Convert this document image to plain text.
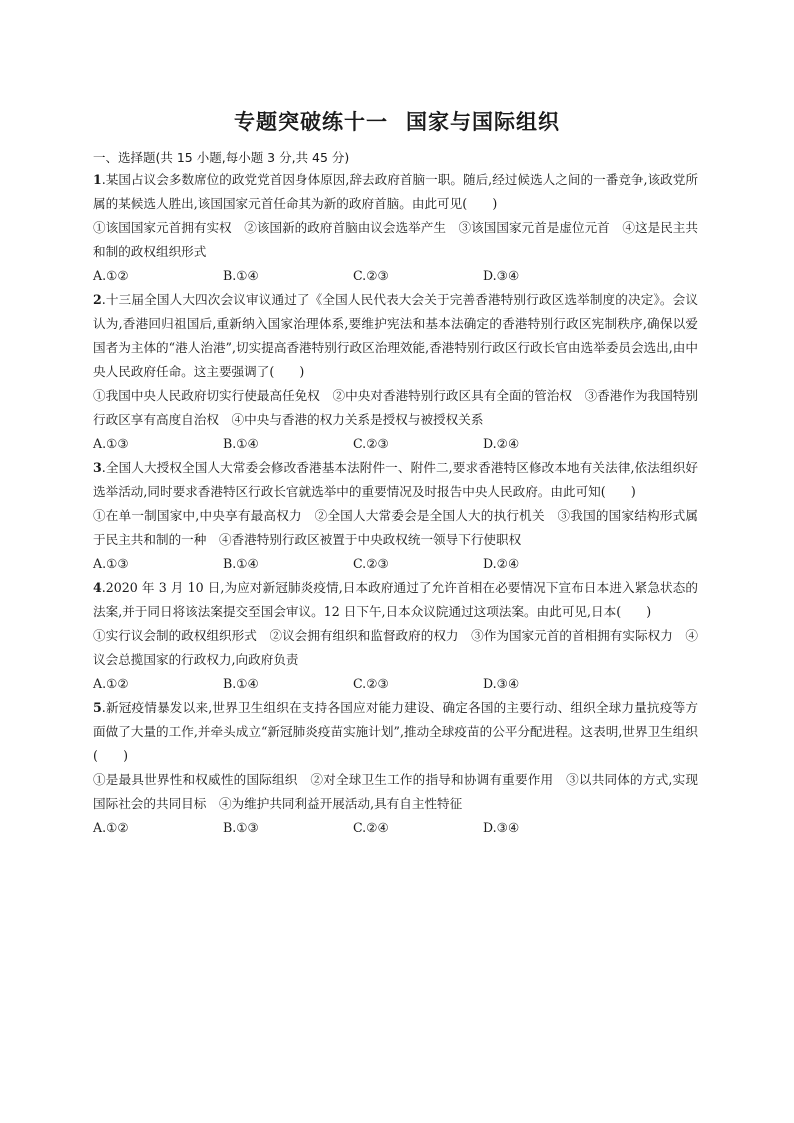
专题突破练十一 国家与国际组织
一、选择题(共 15 小题,每小题 3 分,共 45 分)

1.某国占议会多数席位的政党党首因身体原因,辞去政府首脑一职。随后,经过候选人之间的一番竞争,该政党所属的某候选人胜出,该国国家元首任命其为新的政府首脑。由此可见(　　)

①该国国家元首拥有实权　②该国新的政府首脑由议会选举产生　③该国国家元首是虚位元首　④这是民主共和制的政权组织形式

A.①②	B.①④	C.②③	D.③④

2.十三届全国人大四次会议审议通过了《全国人民代表大会关于完善香港特别行政区选举制度的决定》。会议认为,香港回归祖国后,重新纳入国家治理体系,要维护宪法和基本法确定的香港特别行政区宪制秩序,确保以爱国者为主体的“港人治港”,切实提高香港特别行政区治理效能,香港特别行政区行政长官由选举委员会选出,由中央人民政府任命。这主要强调了(　　)

①我国中央人民政府切实行使最高任免权　②中央对香港特别行政区具有全面的管治权　③香港作为我国特别行政区享有高度自治权　④中央与香港的权力关系是授权与被授权关系

A.①③	B.①④	C.②③	D.②④

3.全国人大授权全国人大常委会修改香港基本法附件一、附件二,要求香港特区修改本地有关法律,依法组织好选举活动,同时要求香港特区行政长官就选举中的重要情况及时报告中央人民政府。由此可知(　　)

①在单一制国家中,中央享有最高权力　②全国人大常委会是全国人大的执行机关　③我国的国家结构形式属于民主共和制的一种　④香港特别行政区被置于中央政权统一领导下行使职权

A.①③	B.①④	C.②③	D.②④

4.2020 年 3 月 10 日,为应对新冠肺炎疫情,日本政府通过了允许首相在必要情况下宣布日本进入紧急状态的法案,并于同日将该法案提交至国会审议。12 日下午,日本众议院通过这项法案。由此可见,日本(　　)

①实行议会制的政权组织形式　②议会拥有组织和监督政府的权力　③作为国家元首的首相拥有实际权力　④议会总揽国家的行政权力,向政府负责

A.①②	B.①④	C.②③	D.③④

5.新冠疫情暴发以来,世界卫生组织在支持各国应对能力建设、确定各国的主要行动、组织全球力量抗疫等方面做了大量的工作,并牵头成立“新冠肺炎疫苗实施计划”,推动全球疫苗的公平分配进程。这表明,世界卫生组织(　　)

①是最具世界性和权威性的国际组织　②对全球卫生工作的指导和协调有重要作用　③以共同体的方式,实现国际社会的共同目标　④为维护共同利益开展活动,具有自主性特征

A.①②	B.①③	C.②④	D.③④
